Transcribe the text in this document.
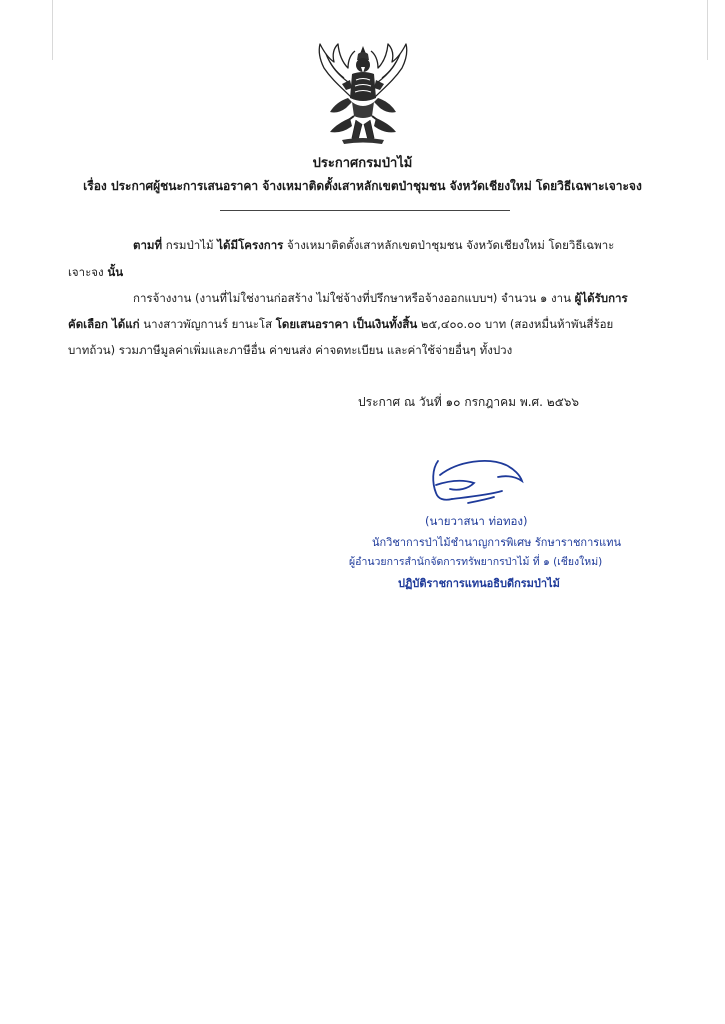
ประกาศกรมป่าไม้
เรื่อง ประกาศผู้ชนะการเสนอราคา จ้างเหมาติดตั้งเสาหลักเขตป่าชุมชน จังหวัดเชียงใหม่ โดยวิธีเฉพาะเจาะจง
ตามที่ กรมป่าไม้ ได้มีโครงการ จ้างเหมาติดตั้งเสาหลักเขตป่าชุมชน จังหวัดเชียงใหม่ โดยวิธีเฉพาะ
เจาะจง นั้น
การจ้างงาน (งานที่ไม่ใช่งานก่อสร้าง ไม่ใช่จ้างที่ปรึกษาหรือจ้างออกแบบฯ) จำนวน ๑ งาน ผู้ได้รับการ
คัดเลือก ได้แก่ นางสาวพัญกานร์ ยานะโส โดยเสนอราคา เป็นเงินทั้งสิ้น ๒๕,๔๐๐.๐๐ บาท (สองหมื่นห้าพันสี่ร้อย
บาทถ้วน) รวมภาษีมูลค่าเพิ่มและภาษีอื่น ค่าขนส่ง ค่าจดทะเบียน และค่าใช้จ่ายอื่นๆ ทั้งปวง
ประกาศ ณ วันที่ ๑๐ กรกฎาคม พ.ศ. ๒๕๖๖
(นายวาสนา ท่อทอง)
นักวิชาการป่าไม้ชำนาญการพิเศษ รักษาราชการแทน
ผู้อำนวยการสำนักจัดการทรัพยากรป่าไม้ ที่ ๑ (เชียงใหม่)
ปฏิบัติราชการแทนอธิบดีกรมป่าไม้
